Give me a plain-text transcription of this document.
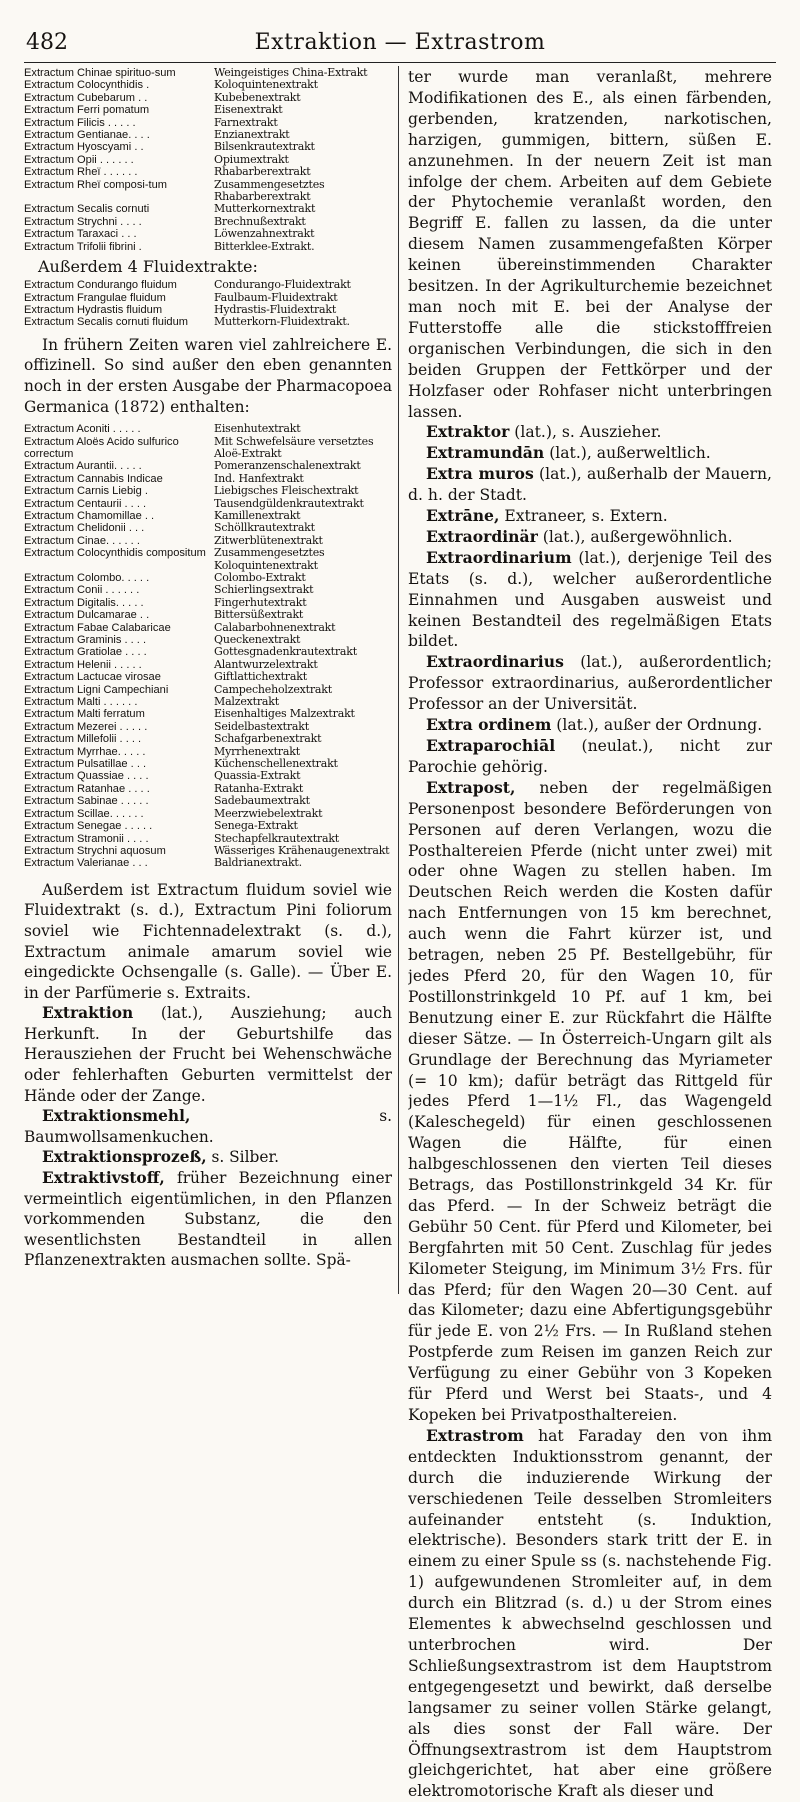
482	Extraktion — Extrastrom
Extractum Chinae spirituo-sum	Weingeistiges China-Extrakt
Extractum Colocynthidis .	Koloquintenextrakt
Extractum Cubebarum . .	Kubebenextrakt
Extractum Ferri pomatum	Eisenextrakt
Extractum Filicis . . . . .	Farnextrakt
Extractum Gentianae. . . .	Enzianextrakt
Extractum Hyoscyami . .	Bilsenkrautextrakt
Extractum Opii . . . . . .	Opiumextrakt
Extractum Rheï . . . . . .	Rhabarberextrakt
Extractum Rheï composi-tum	Zusammengesetztes Rhabarberextrakt
Extractum Secalis cornuti	Mutterkornextrakt
Extractum Strychni . . . .	Brechnußextrakt
Extractum Taraxaci . . .	Löwenzahnextrakt
Extractum Trifolii fibrini .	Bitterklee-Extrakt.
Außerdem 4 Fluidextrakte:
Extractum Condurango fluidum	Condurango-Fluidextrakt
Extractum Frangulae fluidum	Faulbaum-Fluidextrakt
Extractum Hydrastis fluidum	Hydrastis-Fluidextrakt
Extractum Secalis cornuti fluidum	Mutterkorn-Fluidextrakt.

In frühern Zeiten waren viel zahlreichere E. offizinell. So sind außer den eben genannten noch in der ersten Ausgabe der Pharmacopoea Germanica (1872) enthalten:

Extractum Aconiti . . . . .	Eisenhutextrakt
Extractum Aloës Acido sulfurico correctum	Mit Schwefelsäure versetztes Aloë-Extrakt
Extractum Aurantii. . . . .	Pomeranzenschalenextrakt
Extractum Cannabis Indicae	Ind. Hanfextrakt
Extractum Carnis Liebig .	Liebigsches Fleischextrakt
Extractum Centaurii . . . .	Tausendgüldenkrautextrakt
Extractum Chamomillae . .	Kamillenextrakt
Extractum Chelidonii . . .	Schöllkrautextrakt
Extractum Cinae. . . . . .	Zitwerblütenextrakt
Extractum Colocynthidis compositum	Zusammengesetztes Koloquintenextrakt
Extractum Colombo. . . . .	Colombo-Extrakt
Extractum Conii . . . . . .	Schierlingsextrakt
Extractum Digitalis. . . . .	Fingerhutextrakt
Extractum Dulcamarae . .	Bittersüßextrakt
Extractum Fabae Calabaricae	Calabarbohnenextrakt
Extractum Graminis . . . .	Queckenextrakt
Extractum Gratiolae . . . .	Gottesgnadenkrautextrakt
Extractum Helenii . . . . .	Alantwurzelextrakt
Extractum Lactucae virosae	Giftlattichextrakt
Extractum Ligni Campechiani	Campecheholzextrakt
Extractum Malti . . . . . .	Malzextrakt
Extractum Malti ferratum	Eisenhaltiges Malzextrakt
Extractum Mezerei . . . . .	Seidelbastextrakt
Extractum Millefolii . . . .	Schafgarbenextrakt
Extractum Myrrhae. . . . .	Myrrhenextrakt
Extractum Pulsatillae . . .	Küchenschellenextrakt
Extractum Quassiae . . . .	Quassia-Extrakt
Extractum Ratanhae . . . .	Ratanha-Extrakt
Extractum Sabinae . . . . .	Sadebaumextrakt
Extractum Scillae. . . . . .	Meerzwiebelextrakt
Extractum Senegae . . . . .	Senega-Extrakt
Extractum Stramonii . . . .	Stechapfelkrautextrakt
Extractum Strychni aquosum	Wässeriges Krähenaugenextrakt
Extractum Valerianae . . .	Baldrianextrakt.

Außerdem ist Extractum fluidum soviel wie Fluidextrakt (s. d.), Extractum Pini foliorum soviel wie Fichtennadelextrakt (s. d.), Extractum animale amarum soviel wie eingedickte Ochsengalle (s. Galle). — Über E. in der Parfümerie s. Extraits.

Extraktion (lat.), Ausziehung; auch Herkunft. In der Geburtshilfe das Herausziehen der Frucht bei Wehenschwäche oder fehlerhaften Geburten vermittelst der Hände oder der Zange.

Extraktionsmehl, s. Baumwollsamenkuchen.

Extraktionsprozeß, s. Silber.

Extraktivstoff, früher Bezeichnung einer vermeintlich eigentümlichen, in den Pflanzen vorkommenden Substanz, die den wesentlichsten Bestandteil in allen Pflanzenextrakten ausmachen sollte. Spä-

ter wurde man veranlaßt, mehrere Modifikationen des E., als einen färbenden, gerbenden, kratzenden, narkotischen, harzigen, gummigen, bittern, süßen E. anzunehmen. In der neuern Zeit ist man infolge der chem. Arbeiten auf dem Gebiete der Phytochemie veranlaßt worden, den Begriff E. fallen zu lassen, da die unter diesem Namen zusammengefaßten Körper keinen übereinstimmenden Charakter besitzen. In der Agrikulturchemie bezeichnet man noch mit E. bei der Analyse der Futterstoffe alle die stickstofffreien organischen Verbindungen, die sich in den beiden Gruppen der Fettkörper und der Holzfaser oder Rohfaser nicht unterbringen lassen.

Extraktor (lat.), s. Auszieher.

Extramundān (lat.), außerweltlich.

Extra muros (lat.), außerhalb der Mauern, d. h. der Stadt.

Extrāne, Extraneer, s. Extern.

Extraordinär (lat.), außergewöhnlich.

Extraordinarium (lat.), derjenige Teil des Etats (s. d.), welcher außerordentliche Einnahmen und Ausgaben ausweist und keinen Bestandteil des regelmäßigen Etats bildet.

Extraordinarius (lat.), außerordentlich; Professor extraordinarius, außerordentlicher Professor an der Universität.

Extra ordinem (lat.), außer der Ordnung.

Extraparochiāl (neulat.), nicht zur Parochie gehörig.

Extrapost, neben der regelmäßigen Personenpost besondere Beförderungen von Personen auf deren Verlangen, wozu die Posthaltereien Pferde (nicht unter zwei) mit oder ohne Wagen zu stellen haben. Im Deutschen Reich werden die Kosten dafür nach Entfernungen von 15 km berechnet, auch wenn die Fahrt kürzer ist, und betragen, neben 25 Pf. Bestellgebühr, für jedes Pferd 20, für den Wagen 10, für Postillonstrinkgeld 10 Pf. auf 1 km, bei Benutzung einer E. zur Rückfahrt die Hälfte dieser Sätze. — In Österreich-Ungarn gilt als Grundlage der Berechnung das Myriameter (= 10 km); dafür beträgt das Rittgeld für jedes Pferd 1—1½ Fl., das Wagengeld (Kaleschegeld) für einen geschlossenen Wagen die Hälfte, für einen halbgeschlossenen den vierten Teil dieses Betrags, das Postillonstrinkgeld 34 Kr. für das Pferd. — In der Schweiz beträgt die Gebühr 50 Cent. für Pferd und Kilometer, bei Bergfahrten mit 50 Cent. Zuschlag für jedes Kilometer Steigung, im Minimum 3½ Frs. für das Pferd; für den Wagen 20—30 Cent. auf das Kilometer; dazu eine Abfertigungsgebühr für jede E. von 2½ Frs. — In Rußland stehen Postpferde zum Reisen im ganzen Reich zur Verfügung zu einer Gebühr von 3 Kopeken für Pferd und Werst bei Staats-, und 4 Kopeken bei Privatposthaltereien.

Extrastrom hat Faraday den von ihm entdeckten Induktionsstrom genannt, der durch die induzierende Wirkung der verschiedenen Teile desselben Stromleiters aufeinander entsteht (s. Induktion, elektrische). Besonders stark tritt der E. in einem zu einer Spule ss (s. nachstehende Fig. 1) aufgewundenen Stromleiter auf, in dem durch ein Blitzrad (s. d.) u der Strom eines Elementes k abwechselnd geschlossen und unterbrochen wird. Der Schließungsextrastrom ist dem Hauptstrom entgegengesetzt und bewirkt, daß derselbe langsamer zu seiner vollen Stärke gelangt, als dies sonst der Fall wäre. Der Öffnungsextrastrom ist dem Hauptstrom gleichgerichtet, hat aber eine größere elektromotorische Kraft als dieser und
